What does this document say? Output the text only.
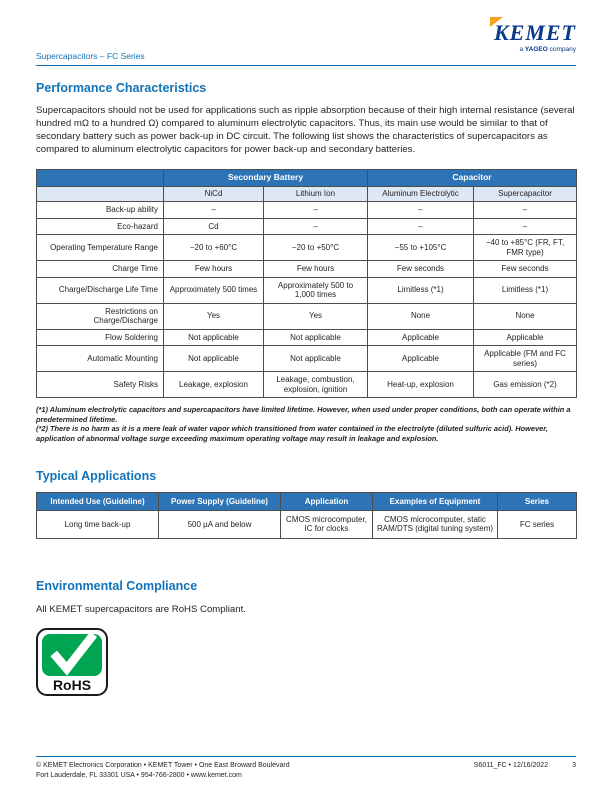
Supercapacitors – FC Series
KEMET
a YAGEO company
Performance Characteristics

Supercapacitors should not be used for applications such as ripple absorption because of their high internal resistance (several hundred mΩ to a hundred Ω) compared to aluminum electrolytic capacitors. Thus, its main use would be similar to that of secondary battery such as power back-up in DC circuit. The following list shows the characteristics of supercapacitors as compared to aluminum electrolytic capacitors for power back-up and secondary batteries.

	Secondary Battery		Capacitor	
	NiCd	Lithium Ion	Aluminum Electrolytic	Supercapacitor
Back-up ability	–	–	–	–
Eco-hazard	Cd	–	–	–
Operating Temperature Range	−20 to +60°C	−20 to +50°C	−55 to +105°C	−40 to +85°C (FR, FT, FMR type)
Charge Time	Few hours	Few hours	Few seconds	Few seconds
Charge/Discharge Life Time	Approximately 500 times	Approximately 500 to 1,000 times	Limitless (*1)	Limitless (*1)
Restrictions on Charge/Discharge	Yes	Yes	None	None
Flow Soldering	Not applicable	Not applicable	Applicable	Applicable
Automatic Mounting	Not applicable	Not applicable	Applicable	Applicable (FM and FC series)
Safety Risks	Leakage, explosion	Leakage, combustion, explosion, ignition	Heat-up, explosion	Gas emission (*2)

(*1) Aluminum electrolytic capacitors and supercapacitors have limited lifetime. However, when used under proper conditions, both can operate within a predetermined lifetime.

(*2) There is no harm as it is a mere leak of water vapor which transitioned from water contained in the electrolyte (diluted sulfuric acid). However, application of abnormal voltage surge exceeding maximum operating voltage may result in leakage and explosion.

Typical Applications
Intended Use (Guideline)	Power Supply (Guideline)	Application	Examples of Equipment	Series
Long time back-up	500 μA and below	CMOS microcomputer, IC for clocks	CMOS microcomputer, static RAM/DTS (digital tuning system)	FC series
Environmental Compliance

All KEMET supercapacitors are RoHS Compliant.

RoHS
© KEMET Electronics Corporation • KEMET Tower • One East Broward Boulevard
Fort Lauderdale, FL 33301 USA • 954-766-2800 • www.kemet.com
S6011_FC • 12/16/2022	3
